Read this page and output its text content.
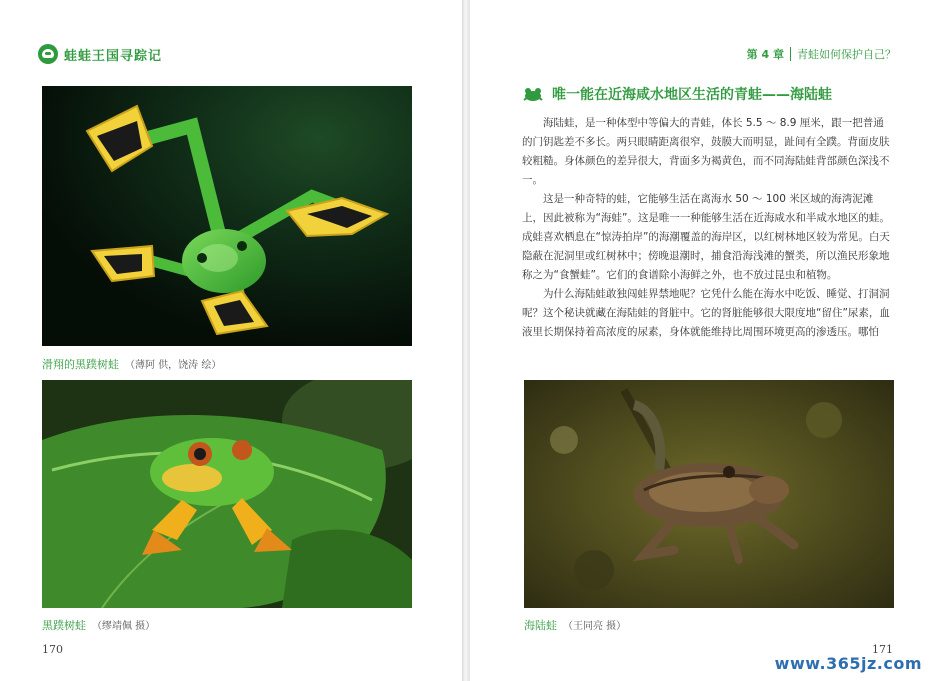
蛙蛙王国寻踪记
滑翔的黑蹼树蛙 （薄阿 供，饶涛 绘）
黑蹼树蛙 （缪靖佩 摄）
170
第 4 章 青蛙如何保护自己？
唯一能在近海咸水地区生活的青蛙——海陆蛙

海陆蛙，是一种体型中等偏大的青蛙，体长 5.5 ～ 8.9 厘米，跟一把普通的门钥匙差不多长。两只眼睛距离很窄，鼓膜大而明显，趾间有全蹼。背面皮肤较粗糙。身体颜色的差异很大，背面多为褐黄色，而不同海陆蛙背部颜色深浅不一。

这是一种奇特的蛙，它能够生活在离海水 50 ～ 100 米区域的海湾泥滩上，因此被称为“海蛙”。这是唯一一种能够生活在近海咸水和半咸水地区的蛙。成蛙喜欢栖息在“惊涛拍岸”的海潮覆盖的海岸区，以红树林地区较为常见。白天隐蔽在泥洞里或红树林中；傍晚退潮时，捕食沿海浅滩的蟹类，所以渔民形象地称之为“食蟹蛙”。它们的食谱除小海鲜之外，也不放过昆虫和植物。

为什么海陆蛙敢独闯蛙界禁地呢？它凭什么能在海水中吃饭、睡觉、打洞洞呢？这个秘诀就藏在海陆蛙的肾脏中。它的肾脏能够很大限度地“留住”尿素，血液里长期保持着高浓度的尿素，身体就能维持比周围环境更高的渗透压。哪怕

海陆蛙 （王同亮 摄）
171
www.365jz.com
